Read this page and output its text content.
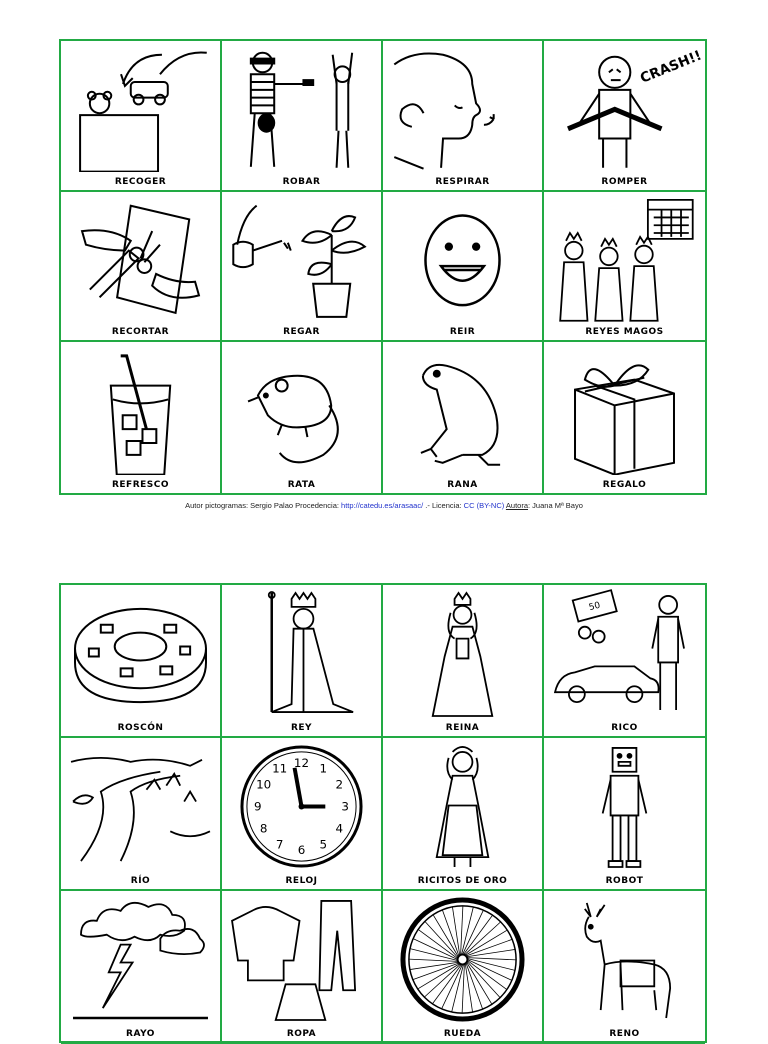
RECOGER	ROBAR	RESPIRAR
CRASH!!
ROMPER
RECORTAR	REGAR	REIR	REYES MAGOS
REFRESCO	RATA	RANA	REGALO
Autor pictogramas: Sergio Palao Procedencia: http://catedu.es/arasaac/ .- Licencia: CC (BY-NC) Autora: Juana Mª Bayo
ROSCÓN	REY	REINA
50
RICO
RÍO
12 1
2
3
4
5
6
7
8
9
10
11
RELOJ	RICITOS DE ORO	ROBOT
RAYO	ROPA	RUEDA	RENO
